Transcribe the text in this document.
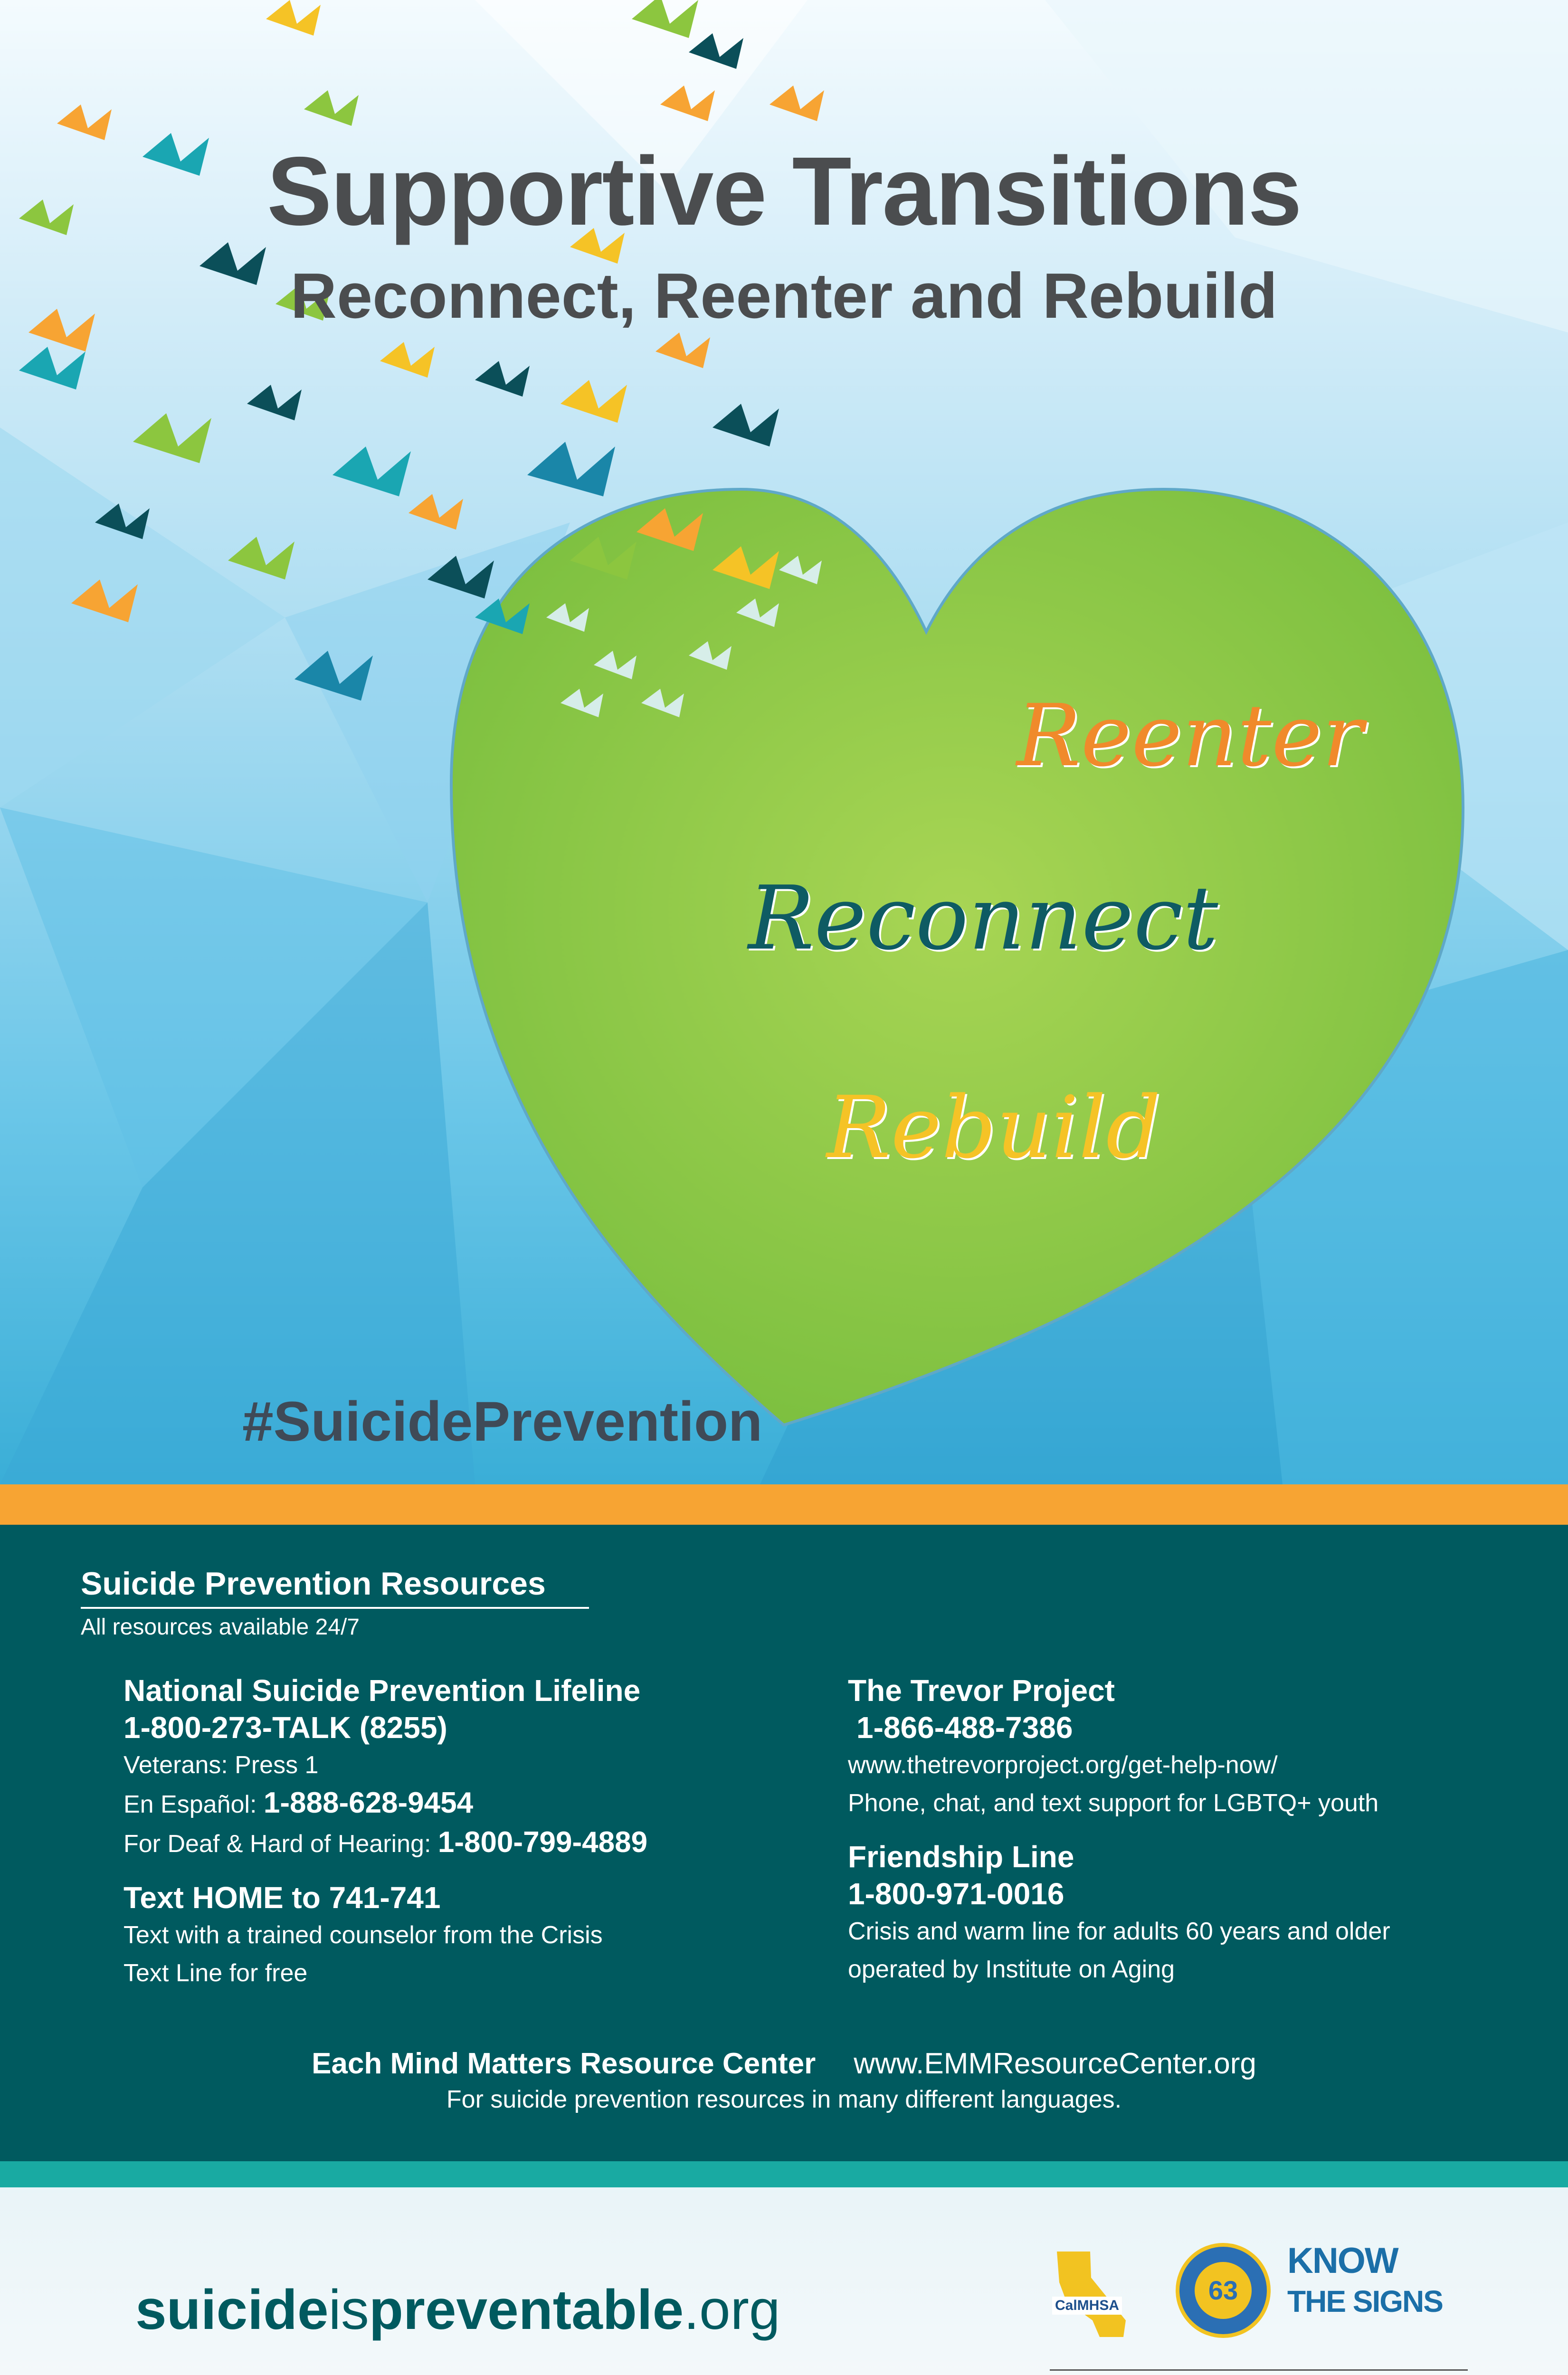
Supportive Transitions
Reconnect, Reenter and Rebuild
Reenter
Reconnect
Rebuild
#SuicidePrevention
Suicide Prevention Resources
All resources available 24/7
National Suicide Prevention Lifeline
1-800-273-TALK (8255)
Veterans: Press 1
En Español: 1-888-628-9454
For Deaf & Hard of Hearing: 1-800-799-4889
Text HOME to 741-741
Text with a trained counselor from the Crisis
Text Line for free
The Trevor Project
1-866-488-7386
www.thetrevorproject.org/get-help-now/
Phone, chat, and text support for LGBTQ+ youth
Friendship Line
1-800-971-0016
Crisis and warm line for adults 60 years and older
operated by Institute on Aging
Each Mind Matters Resource Center www.EMMResourceCenter.org
For suicide prevention resources in many different languages.
suicideispreventable.org	CalMHSA
63
KNOW
THE SIGNS
